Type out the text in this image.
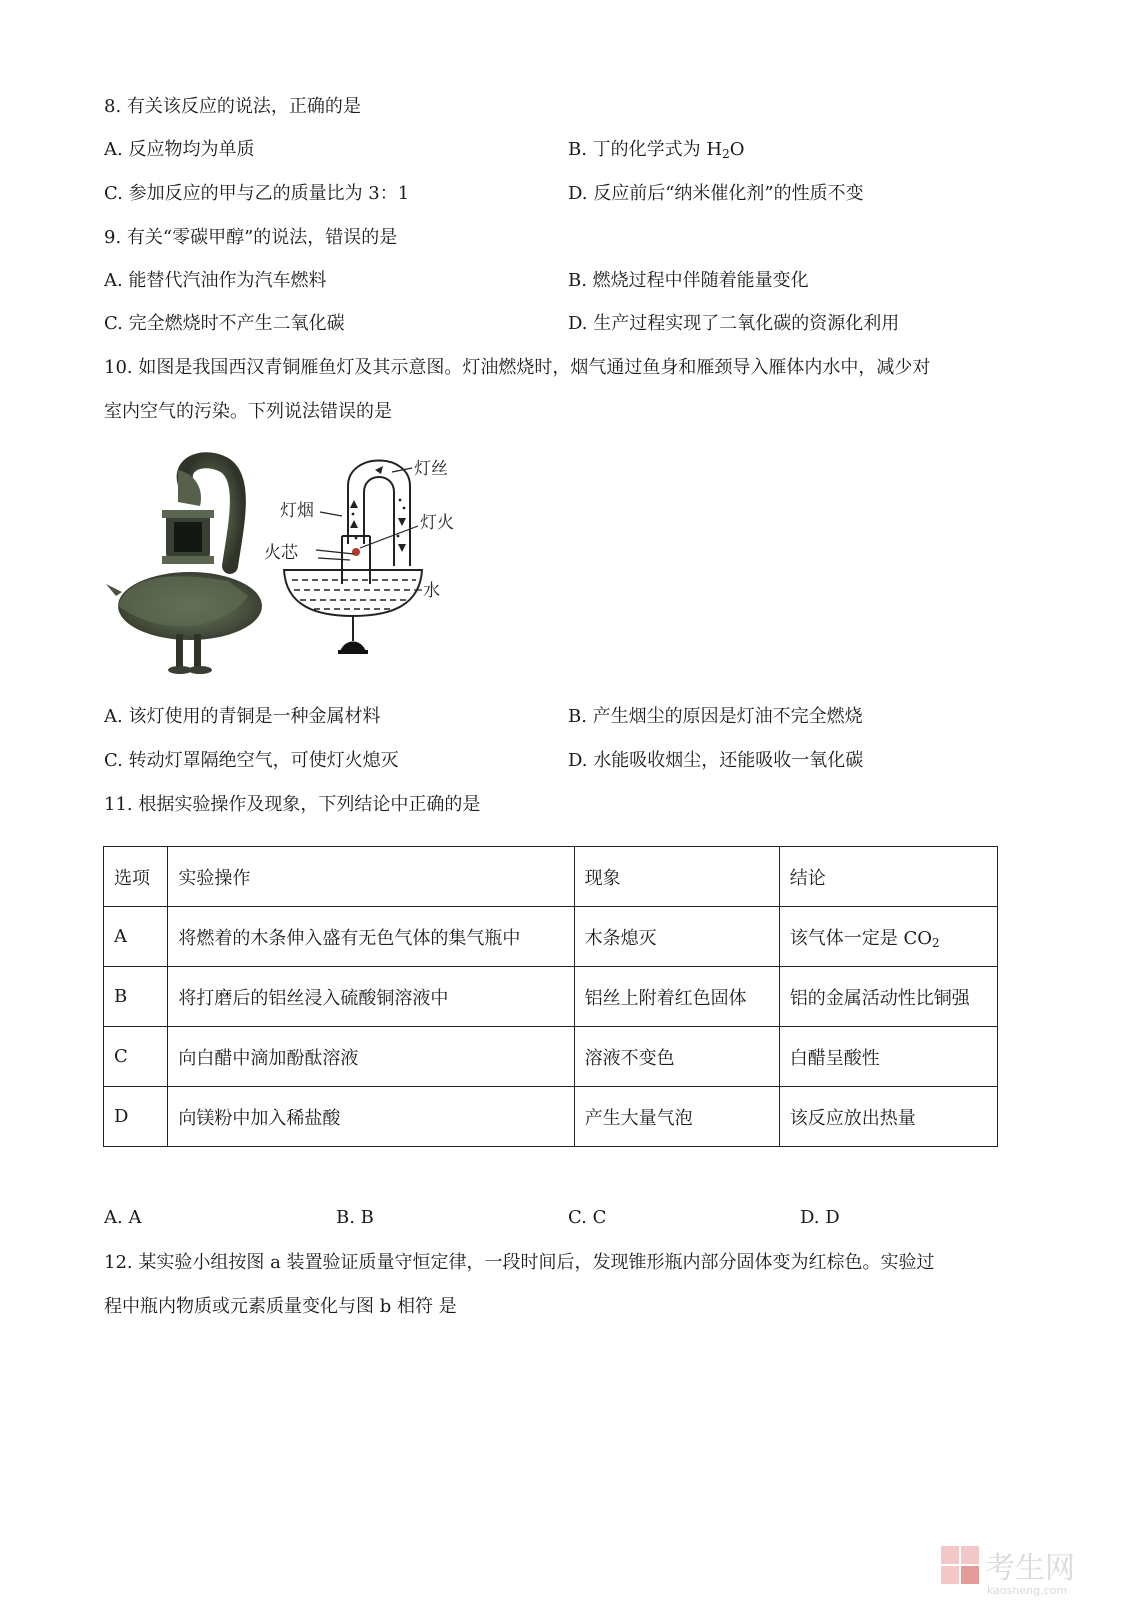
8. 有关该反应的说法，正确的是
A. 反应物均为单质	B. 丁的化学式为 $H_2O$
C. 参加反应的甲与乙的质量比为 3：1	D. 反应前后“纳米催化剂”的性质不变
9. 有关“零碳甲醇”的说法，错误的是
A. 能替代汽油作为汽车燃料	B. 燃烧过程中伴随着能量变化
C. 完全燃烧时不产生二氧化碳	D. 生产过程实现了二氧化碳的资源化利用
10. 如图是我国西汉青铜雁鱼灯及其示意图。灯油燃烧时，烟气通过鱼身和雁颈导入雁体内水中，减少对
室内空气的污染。下列说法错误的是
灯丝
灯烟
灯火
火芯
水
A. 该灯使用的青铜是一种金属材料	B. 产生烟尘的原因是灯油不完全燃烧
C. 转动灯罩隔绝空气，可使灯火熄灭	D. 水能吸收烟尘，还能吸收一氧化碳
11. 根据实验操作及现象，下列结论中正确的是
选项	实验操作	现象	结论
A	将燃着的木条伸入盛有无色气体的集气瓶中	木条熄灭	该气体一定是 $CO_2$
B	将打磨后的铝丝浸入硫酸铜溶液中	铝丝上附着红色固体	铝的金属活动性比铜强
C	向白醋中滴加酚酞溶液	溶液不变色	白醋呈酸性
D	向镁粉中加入稀盐酸	产生大量气泡	该反应放出热量
A. A	B. B	C. C	D. D
12. 某实验小组按图 a 装置验证质量守恒定律，一段时间后，发现锥形瓶内部分固体变为红棕色。实验过
程中瓶内物质或元素质量变化与图 b 相符 是
考生网
kaosheng.com
